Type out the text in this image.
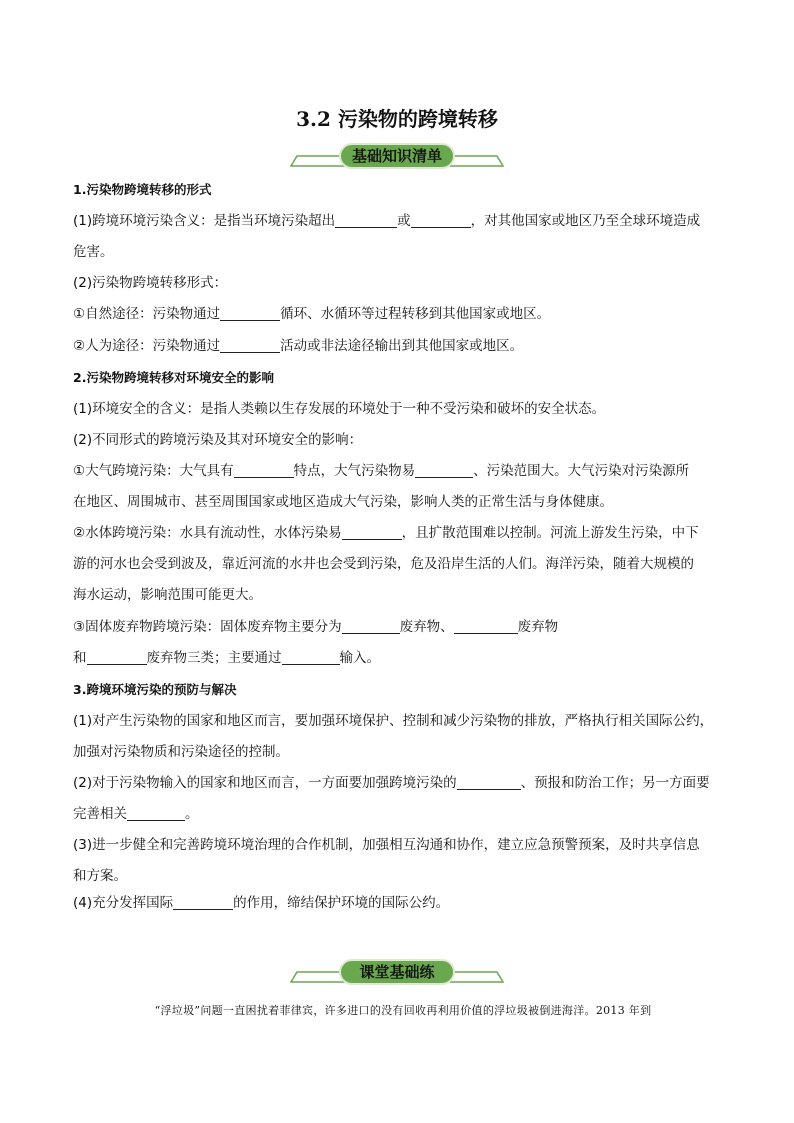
3.2 污染物的跨境转移
基础知识清单
1.污染物跨境转移的形式
(1)跨境环境污染含义：是指当环境污染超出	或	，对其他国家或地区乃至全球环境造成
危害。
(2)污染物跨境转移形式：
①自然途径：污染物通过	循环、水循环等过程转移到其他国家或地区。
②人为途径：污染物通过	活动或非法途径输出到其他国家或地区。
2.污染物跨境转移对环境安全的影响
(1)环境安全的含义：是指人类赖以生存发展的环境处于一种不受污染和破坏的安全状态。
(2)不同形式的跨境污染及其对环境安全的影响：
①大气跨境污染：大气具有	特点，大气污染物易	、污染范围大。大气污染对污染源所
在地区、周围城市、甚至周围国家或地区造成大气污染，影响人类的正常生活与身体健康。
②水体跨境污染：水具有流动性，水体污染易	，且扩散范围难以控制。河流上游发生污染，中下
游的河水也会受到波及，靠近河流的水井也会受到污染，危及沿岸生活的人们。海洋污染，随着大规模的
海水运动，影响范围可能更大。
③固体废弃物跨境污染：固体废弃物主要分为	废弃物、	废弃物
和	废弃物三类；主要通过	输入。
3.跨境环境污染的预防与解决
(1)对产生污染物的国家和地区而言，要加强环境保护、控制和减少污染物的排放，严格执行相关国际公约，
加强对污染物质和污染途径的控制。
(2)对于污染物输入的国家和地区而言，一方面要加强跨境污染的	、预报和防治工作；另一方面要
完善相关	。
(3)进一步健全和完善跨境环境治理的合作机制，加强相互沟通和协作，建立应急预警预案，及时共享信息
和方案。
(4)充分发挥国际	的作用，缔结保护环境的国际公约。
课堂基础练
“浮垃圾”问题一直困扰着菲律宾，许多进口的没有回收再利用价值的浮垃圾被倒进海洋。2013 年到
